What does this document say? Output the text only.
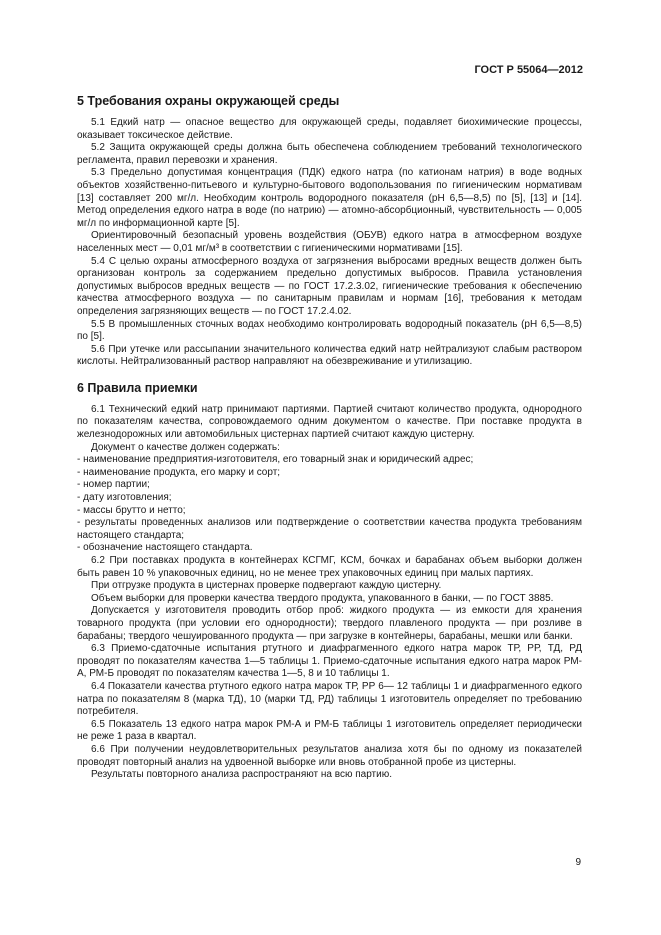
ГОСТ Р 55064—2012
5 Требования охраны окружающей среды

5.1 Едкий натр — опасное вещество для окружающей среды, подавляет биохимические процессы, оказывает токсическое действие.

5.2 Защита окружающей среды должна быть обеспечена соблюдением требований технологического регламента, правил перевозки и хранения.

5.3 Предельно допустимая концентрация (ПДК) едкого натра (по катионам натрия) в воде водных объектов хозяйственно-питьевого и культурно-бытового водопользования по гигиеническим нормативам [13] составляет 200 мг/л. Необходим контроль водородного показателя (рН 6,5—8,5) по [5], [13] и [14]. Метод определения едкого натра в воде (по натрию) — атомно-абсорбционный, чувствительность — 0,005 мг/л по информационной карте [5].

Ориентировочный безопасный уровень воздействия (ОБУВ) едкого натра в атмосферном воздухе населенных мест — 0,01 мг/м³ в соответствии с гигиеническими нормативами [15].

5.4 С целью охраны атмосферного воздуха от загрязнения выбросами вредных веществ должен быть организован контроль за содержанием предельно допустимых выбросов. Правила установления допустимых выбросов вредных веществ — по ГОСТ 17.2.3.02, гигиенические требования к обеспечению качества атмосферного воздуха — по санитарным правилам и нормам [16], требования к методам определения загрязняющих веществ — по ГОСТ 17.2.4.02.

5.5 В промышленных сточных водах необходимо контролировать водородный показатель (рН 6,5—8,5) по [5].

5.6 При утечке или рассыпании значительного количества едкий натр нейтрализуют слабым раствором кислоты. Нейтрализованный раствор направляют на обезвреживание и утилизацию.

6 Правила приемки

6.1 Технический едкий натр принимают партиями. Партией считают количество продукта, однородного по показателям качества, сопровождаемого одним документом о качестве. При поставке продукта в железнодорожных или автомобильных цистернах партией считают каждую цистерну.

Документ о качестве должен содержать:

- наименование предприятия-изготовителя, его товарный знак и юридический адрес;

- наименование продукта, его марку и сорт;

- номер партии;

- дату изготовления;

- массы брутто и нетто;

- результаты проведенных анализов или подтверждение о соответствии качества продукта требованиям настоящего стандарта;

- обозначение настоящего стандарта.

6.2 При поставках продукта в контейнерах КСГМГ, КСМ, бочках и барабанах объем выборки должен быть равен 10 % упаковочных единиц, но не менее трех упаковочных единиц при малых партиях.

При отгрузке продукта в цистернах проверке подвергают каждую цистерну.

Объем выборки для проверки качества твердого продукта, упакованного в банки, — по ГОСТ 3885.

Допускается у изготовителя проводить отбор проб: жидкого продукта — из емкости для хранения товарного продукта (при условии его однородности); твердого плавленого продукта — при розливе в барабаны; твердого чешуированного продукта — при загрузке в контейнеры, барабаны, мешки или банки.

6.3 Приемо-сдаточные испытания ртутного и диафрагменного едкого натра марок ТР, РР, ТД, РД проводят по показателям качества 1—5 таблицы 1. Приемо-сдаточные испытания едкого натра марок РМ-А, РМ-Б проводят по показателям качества 1—5, 8 и 10 таблицы 1.

6.4 Показатели качества ртутного едкого натра марок ТР, РР 6— 12 таблицы 1 и диафрагменного едкого натра по показателям 8 (марка ТД), 10 (марки ТД, РД) таблицы 1 изготовитель определяет по требованию потребителя.

6.5 Показатель 13 едкого натра марок РМ-А и РМ-Б таблицы 1 изготовитель определяет периодически не реже 1 раза в квартал.

6.6 При получении неудовлетворительных результатов анализа хотя бы по одному из показателей проводят повторный анализ на удвоенной выборке или вновь отобранной пробе из цистерны.

Результаты повторного анализа распространяют на всю партию.

9
